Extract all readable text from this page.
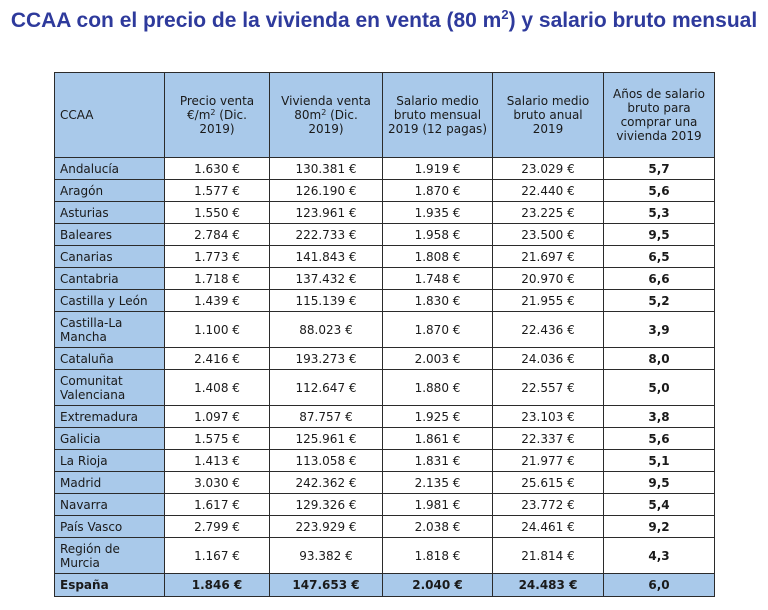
CCAA con el precio de la vivienda en venta (80 $m^2$) y salario bruto mensual
CCAA	Precio venta $€/m^2$ (Dic. 2019)	Vivienda venta $80m^2$ (Dic. 2019)	Salario medio bruto mensual 2019 (12 pagas)	Salario medio bruto anual 2019	Años de salario bruto para comprar una vivienda 2019
Andalucía	1.630 €	130.381 €	1.919 €	23.029 €	5,7
Aragón	1.577 €	126.190 €	1.870 €	22.440 €	5,6
Asturias	1.550 €	123.961 €	1.935 €	23.225 €	5,3
Baleares	2.784 €	222.733 €	1.958 €	23.500 €	9,5
Canarias	1.773 €	141.843 €	1.808 €	21.697 €	6,5
Cantabria	1.718 €	137.432 €	1.748 €	20.970 €	6,6
Castilla y León	1.439 €	115.139 €	1.830 €	21.955 €	5,2
Castilla-La Mancha	1.100 €	88.023 €	1.870 €	22.436 €	3,9
Cataluña	2.416 €	193.273 €	2.003 €	24.036 €	8,0
Comunitat Valenciana	1.408 €	112.647 €	1.880 €	22.557 €	5,0
Extremadura	1.097 €	87.757 €	1.925 €	23.103 €	3,8
Galicia	1.575 €	125.961 €	1.861 €	22.337 €	5,6
La Rioja	1.413 €	113.058 €	1.831 €	21.977 €	5,1
Madrid	3.030 €	242.362 €	2.135 €	25.615 €	9,5
Navarra	1.617 €	129.326 €	1.981 €	23.772 €	5,4
País Vasco	2.799 €	223.929 €	2.038 €	24.461 €	9,2
Región de Murcia	1.167 €	93.382 €	1.818 €	21.814 €	4,3
España	1.846 €	147.653 €	2.040 €	24.483 €	6,0
